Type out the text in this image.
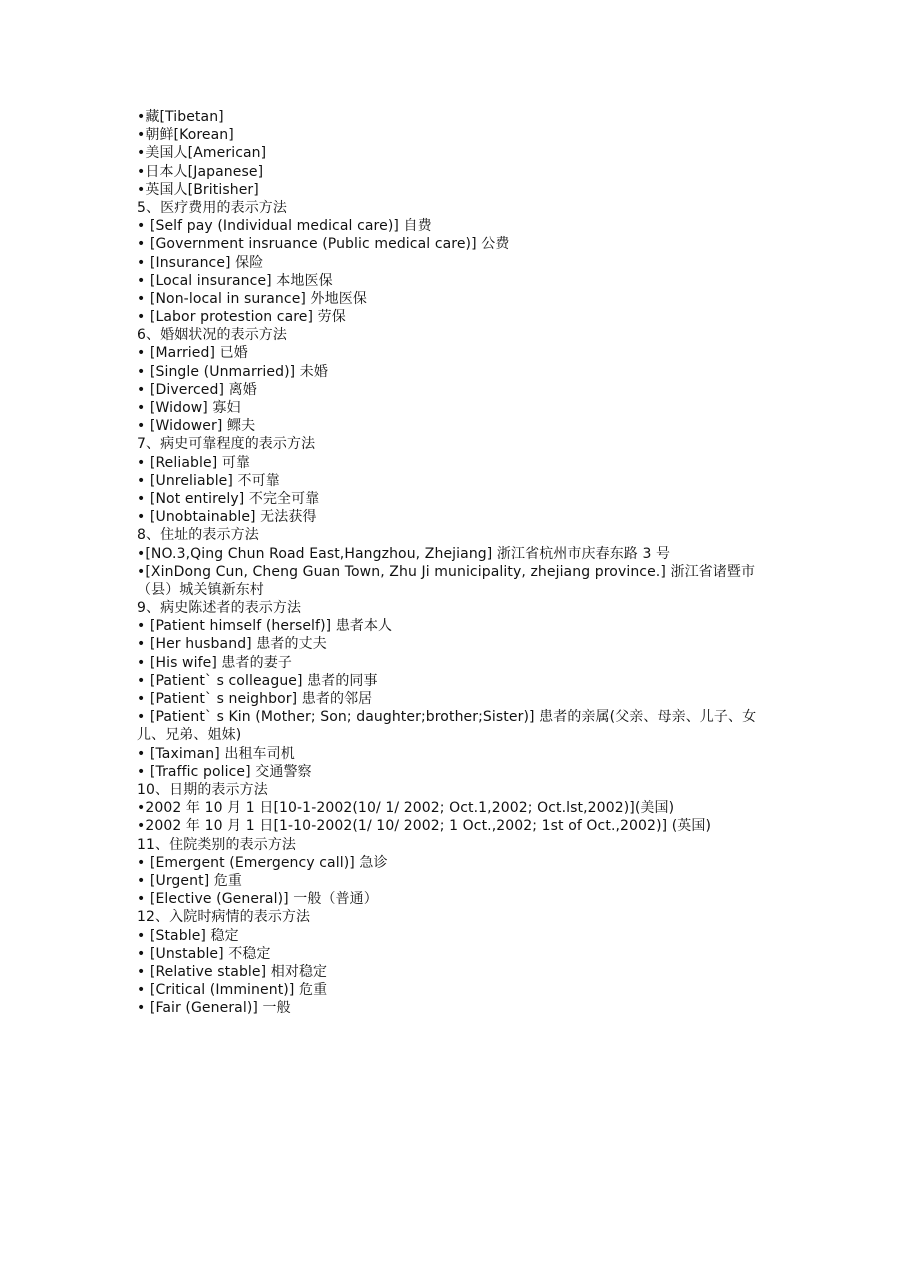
•藏[Tibetan]
•朝鲜[Korean]
•美国人[American]
•日本人[Japanese]
•英国人[Britisher]
5、医疗费用的表示方法
• [Self pay (Individual medical care)] 自费
• [Government insruance (Public medical care)] 公费
• [Insurance] 保险
• [Local insurance] 本地医保
• [Non-local in surance] 外地医保
• [Labor protestion care] 劳保
6、婚姻状况的表示方法
• [Married] 已婚
• [Single (Unmarried)] 未婚
• [Diverced] 离婚
• [Widow] 寡妇
• [Widower] 鳏夫
7、病史可靠程度的表示方法
• [Reliable] 可靠
• [Unreliable] 不可靠
• [Not entirely] 不完全可靠
• [Unobtainable] 无法获得
8、住址的表示方法
•[NO.3,Qing Chun Road East,Hangzhou, Zhejiang] 浙江省杭州市庆春东路 3 号
•[XinDong Cun, Cheng Guan Town, Zhu Ji municipality, zhejiang province.] 浙江省诸暨市（县）城关镇新东村
9、病史陈述者的表示方法
• [Patient himself (herself)] 患者本人
• [Her husband] 患者的丈夫
• [His wife] 患者的妻子
• [Patient` s colleague] 患者的同事
• [Patient` s neighbor] 患者的邻居
• [Patient` s Kin (Mother; Son; daughter;brother;Sister)] 患者的亲属(父亲、母亲、儿子、女儿、兄弟、姐妹)
• [Taximan] 出租车司机
• [Traffic police] 交通警察
10、日期的表示方法
•2002 年 10 月 1 日[10-1-2002(10/ 1/ 2002; Oct.1,2002; Oct.lst,2002)](美国)
•2002 年 10 月 1 日[1-10-2002(1/ 10/ 2002; 1 Oct.,2002; 1st of Oct.,2002)] (英国)
11、住院类别的表示方法
• [Emergent (Emergency call)] 急诊
• [Urgent] 危重
• [Elective (General)] 一般（普通）
12、入院时病情的表示方法
• [Stable] 稳定
• [Unstable] 不稳定
• [Relative stable] 相对稳定
• [Critical (Imminent)] 危重
• [Fair (General)] 一般
